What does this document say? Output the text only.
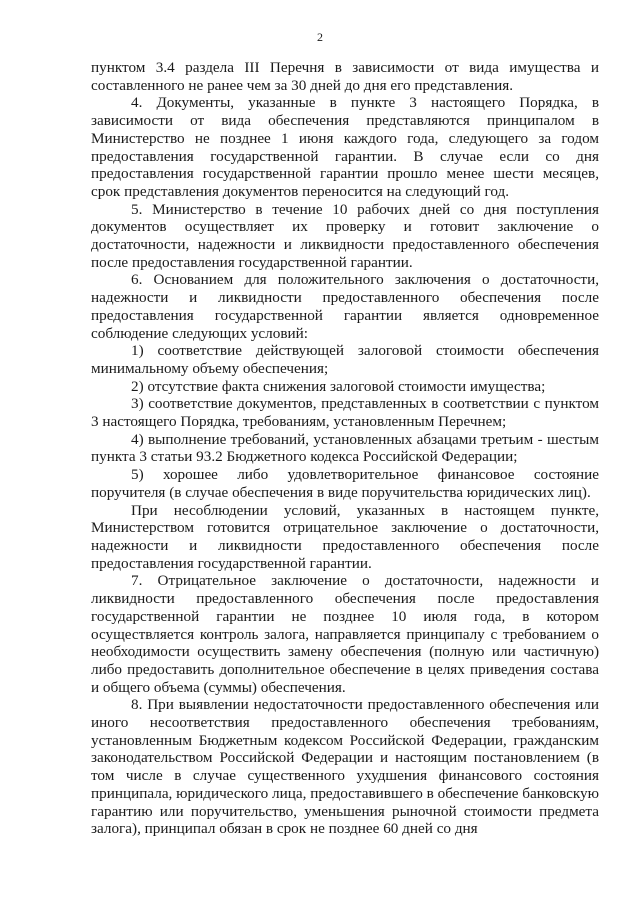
2

пунктом 3.4 раздела III Перечня в зависимости от вида имущества и составленного не ранее чем за 30 дней до дня его представления.

4. Документы, указанные в пункте 3 настоящего Порядка, в зависимости от вида обеспечения представляются принципалом в Министерство не позднее 1 июня каждого года, следующего за годом предоставления государственной гарантии. В случае если со дня предоставления государственной гарантии прошло менее шести месяцев, срок представления документов переносится на следующий год.

5. Министерство в течение 10 рабочих дней со дня поступления документов осуществляет их проверку и готовит заключение о достаточности, надежности и ликвидности предоставленного обеспечения после предоставления государственной гарантии.

6. Основанием для положительного заключения о достаточности, надежности и ликвидности предоставленного обеспечения после предоставления государственной гарантии является одновременное соблюдение следующих условий:

1) соответствие действующей залоговой стоимости обеспечения минимальному объему обеспечения;

2) отсутствие факта снижения залоговой стоимости имущества;

3) соответствие документов, представленных в соответствии с пунктом 3 настоящего Порядка, требованиям, установленным Перечнем;

4) выполнение требований, установленных абзацами третьим - шестым пункта 3 статьи 93.2 Бюджетного кодекса Российской Федерации;

5) хорошее либо удовлетворительное финансовое состояние поручителя (в случае обеспечения в виде поручительства юридических лиц).

При несоблюдении условий, указанных в настоящем пункте, Министерством готовится отрицательное заключение о достаточности, надежности и ликвидности предоставленного обеспечения после предоставления государственной гарантии.

7. Отрицательное заключение о достаточности, надежности и ликвидности предоставленного обеспечения после предоставления государственной гарантии не позднее 10 июля года, в котором осуществляется контроль залога, направляется принципалу с требованием о необходимости осуществить замену обеспечения (полную или частичную) либо предоставить дополнительное обеспечение в целях приведения состава и общего объема (суммы) обеспечения.

8. При выявлении недостаточности предоставленного обеспечения или иного несоответствия предоставленного обеспечения требованиям, установленным Бюджетным кодексом Российской Федерации, гражданским законодательством Российской Федерации и настоящим постановлением (в том числе в случае существенного ухудшения финансового состояния принципала, юридического лица, предоставившего в обеспечение банковскую гарантию или поручительство, уменьшения рыночной стоимости предмета залога), принципал обязан в срок не позднее 60 дней со дня
